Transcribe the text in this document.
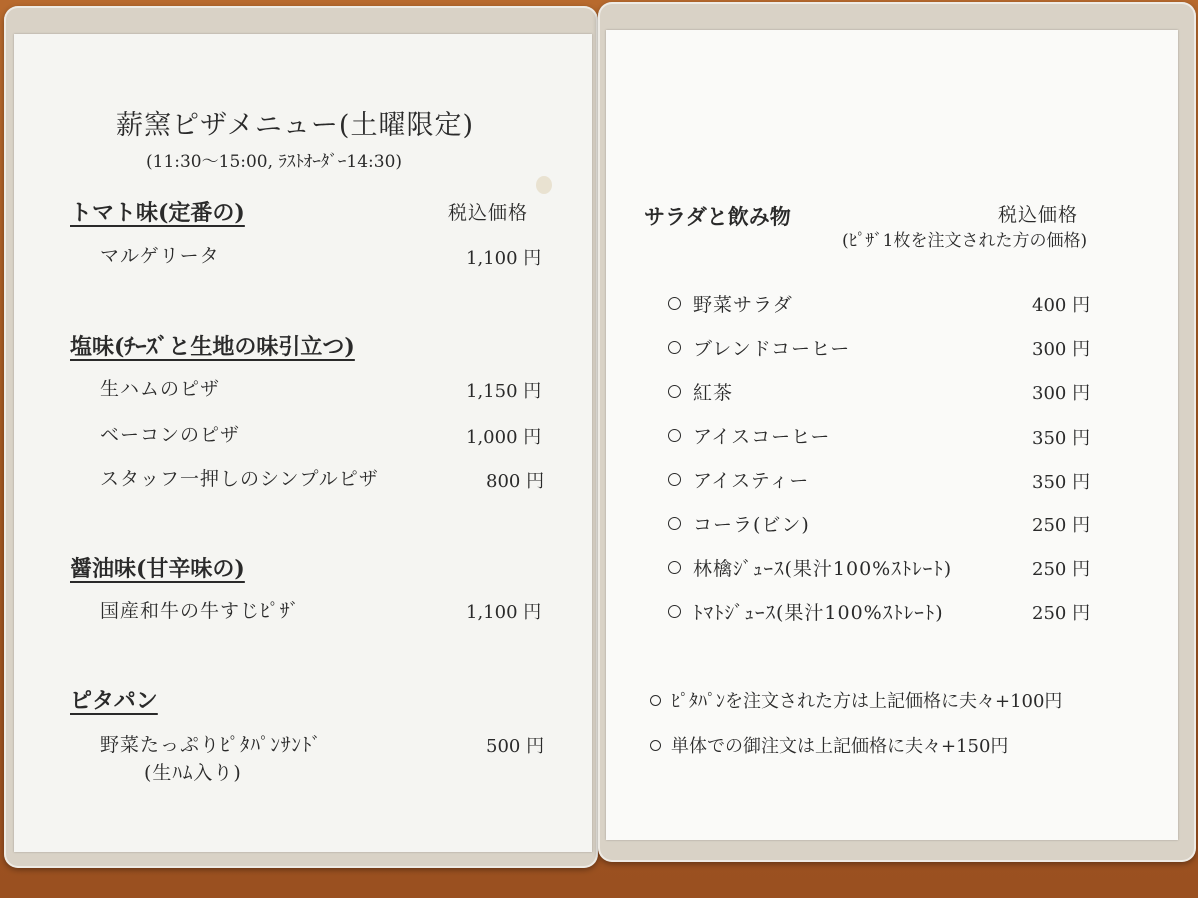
薪窯ピザメニュー(土曜限定)
(11:30～15:00, ﾗｽﾄｵｰﾀﾞｰ14:30)
税込価格
トマト味(定番の)
マルゲリータ	1,100 円
塩味(ﾁｰｽﾞと生地の味引立つ)
生ハムのピザ	1,150 円
ベーコンのピザ	1,000 円
スタッフ一押しのシンプルピザ	800 円
醤油味(甘辛味の)
国産和牛の牛すじﾋﾟｻﾞ	1,100 円
ピタパン
野菜たっぷりﾋﾟﾀﾊﾟﾝｻﾝﾄﾞ
(生ﾊﾑ入り)
500 円
サラダと飲み物	税込価格
(ﾋﾟｻﾞ1枚を注文された方の価格)
野菜サラダ	400 円
ブレンドコーヒー	300 円
紅茶	300 円
アイスコーヒー	350 円
アイスティー	350 円
コーラ(ビン)	250 円
林檎ｼﾞｭｰｽ(果汁100%ｽﾄﾚｰﾄ)	250 円
ﾄﾏﾄｼﾞｭｰｽ(果汁100%ｽﾄﾚｰﾄ)	250 円
ﾋﾟﾀﾊﾟﾝを注文された方は上記価格に夫々+100円
単体での御注文は上記価格に夫々+150円
